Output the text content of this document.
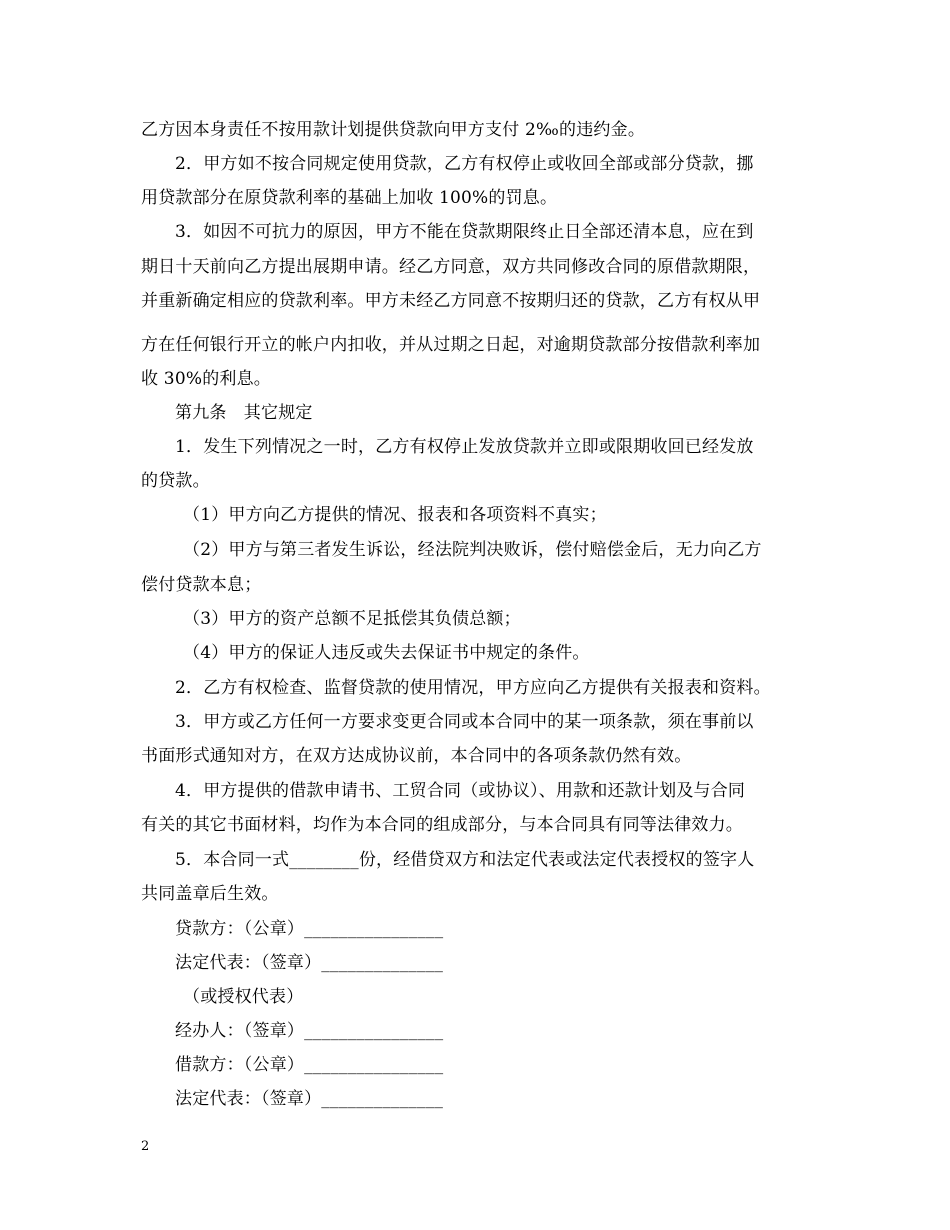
乙方因本身责任不按用款计划提供贷款向甲方支付 2‰的违约金。
2．甲方如不按合同规定使用贷款，乙方有权停止或收回全部或部分贷款，挪
用贷款部分在原贷款利率的基础上加收 100%的罚息。
3．如因不可抗力的原因，甲方不能在贷款期限终止日全部还清本息，应在到
期日十天前向乙方提出展期申请。经乙方同意，双方共同修改合同的原借款期限，
并重新确定相应的贷款利率。甲方未经乙方同意不按期归还的贷款，乙方有权从甲
方在任何银行开立的帐户内扣收，并从过期之日起，对逾期贷款部分按借款利率加
收 30%的利息。
第九条　其它规定
1．发生下列情况之一时，乙方有权停止发放贷款并立即或限期收回已经发放
的贷款。
（1）甲方向乙方提供的情况、报表和各项资料不真实；
（2）甲方与第三者发生诉讼，经法院判决败诉，偿付赔偿金后，无力向乙方
偿付贷款本息；
（3）甲方的资产总额不足抵偿其负债总额；
（4）甲方的保证人违反或失去保证书中规定的条件。
2．乙方有权检查、监督贷款的使用情况，甲方应向乙方提供有关报表和资料。
3．甲方或乙方任何一方要求变更合同或本合同中的某一项条款，须在事前以
书面形式通知对方，在双方达成协议前，本合同中的各项条款仍然有效。
4．甲方提供的借款申请书、工贸合同（或协议）、用款和还款计划及与合同
有关的其它书面材料，均作为本合同的组成部分，与本合同具有同等法律效力。
5．本合同一式________份，经借贷双方和法定代表或法定代表授权的签字人
共同盖章后生效。
贷款方：（公章）________________
法定代表：（签章）______________
（或授权代表）
经办人：（签章）________________
借款方：（公章）________________
法定代表：（签章）______________
2
